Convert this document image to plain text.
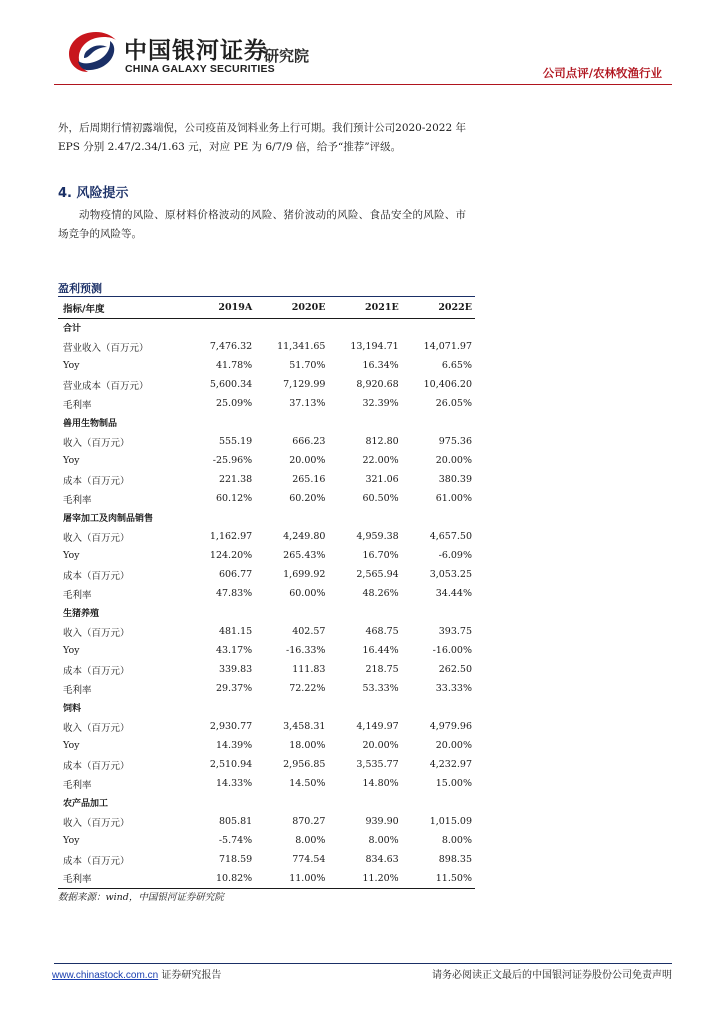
中国银河证券
CHINA GALAXY SECURITIES
研究院
公司点评/农林牧渔行业
外，后周期行情初露端倪，公司疫苗及饲料业务上行可期。我们预计公司2020-2022 年 EPS 分别 2.47/2.34/1.63 元，对应 PE 为 6/7/9 倍，给予“推荐”评级。
4. 风险提示
动物疫情的风险、原材料价格波动的风险、猪价波动的风险、食品安全的风险、市场竞争的风险等。
盈利预测
指标/年度	2019A	2020E	2021E	2022E
合计				
营业收入（百万元）	7,476.32	11,341.65	13,194.71	14,071.97
Yoy	41.78%	51.70%	16.34%	6.65%
营业成本（百万元）	5,600.34	7,129.99	8,920.68	10,406.20
毛利率	25.09%	37.13%	32.39%	26.05%
兽用生物制品				
收入（百万元）	555.19	666.23	812.80	975.36
Yoy	-25.96%	20.00%	22.00%	20.00%
成本（百万元）	221.38	265.16	321.06	380.39
毛利率	60.12%	60.20%	60.50%	61.00%
屠宰加工及肉制品销售				
收入（百万元）	1,162.97	4,249.80	4,959.38	4,657.50
Yoy	124.20%	265.43%	16.70%	-6.09%
成本（百万元）	606.77	1,699.92	2,565.94	3,053.25
毛利率	47.83%	60.00%	48.26%	34.44%
生猪养殖				
收入（百万元）	481.15	402.57	468.75	393.75
Yoy	43.17%	-16.33%	16.44%	-16.00%
成本（百万元）	339.83	111.83	218.75	262.50
毛利率	29.37%	72.22%	53.33%	33.33%
饲料				
收入（百万元）	2,930.77	3,458.31	4,149.97	4,979.96
Yoy	14.39%	18.00%	20.00%	20.00%
成本（百万元）	2,510.94	2,956.85	3,535.77	4,232.97
毛利率	14.33%	14.50%	14.80%	15.00%
农产品加工				
收入（百万元）	805.81	870.27	939.90	1,015.09
Yoy	-5.74%	8.00%	8.00%	8.00%
成本（百万元）	718.59	774.54	834.63	898.35
毛利率	10.82%	11.00%	11.20%	11.50%
数据来源：wind，中国银河证券研究院
www.chinastock.com.cn 证券研究报告	请务必阅读正文最后的中国银河证券股份公司免责声明
